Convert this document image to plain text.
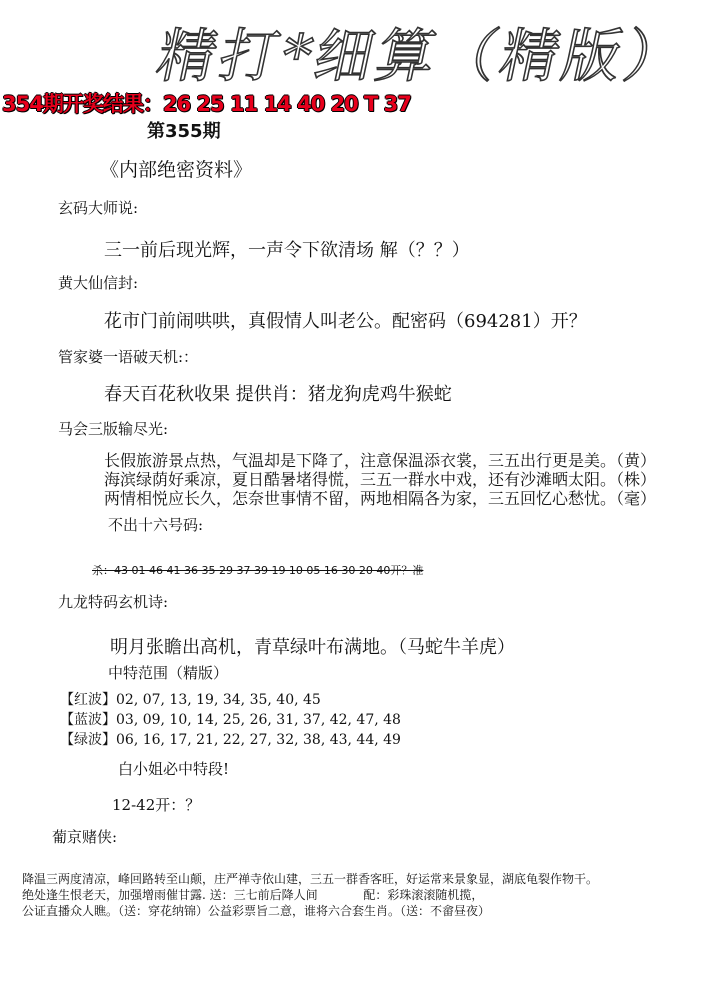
精打*细算（精版）
354期开奖结果：26 25 11 14 40 20 T 37
第355期
《内部绝密资料》
玄码大师说:
三一前后现光辉，一声令下欲清场 解（？？）
黄大仙信封:
花市门前闹哄哄，真假情人叫老公。配密码（694281）开？
管家婆一语破天机:：
春天百花秋收果 提供肖：猪龙狗虎鸡牛猴蛇
马会三版输尽光:
长假旅游景点热，气温却是下降了，注意保温添衣裳，三五出行更是美。（黄）
海滨绿荫好乘凉，夏日酷暑堵得慌，三五一群水中戏，还有沙滩晒太阳。（株）
两情相悦应长久，怎奈世事情不留，两地相隔各为家，三五回忆心愁忧。（毫）
不出十六号码:
杀：43 01 46 41 36 35 29 37 39 19 10 05 16 30 20 40开？准
九龙特码玄机诗:
明月张瞻出高机，青草绿叶布满地。（马蛇牛羊虎）
中特范围（精版）
【红波】02, 07, 13, 19, 34, 35, 40, 45
【蓝波】03, 09, 10, 14, 25, 26, 31, 37, 42, 47, 48
【绿波】06, 16, 17, 21, 22, 27, 32, 38, 43, 44, 49
白小姐必中特段!
12-42开：？
葡京赌侠:
降温三两度清凉，峰回路转至山颠，庄严禅寺依山建，三五一群香客旺，好运常来景象显，湖底龟裂作物干。
绝处逢生恨老天，加强增雨催甘露. 送：三七前后降人间            配：彩珠滚滚随机揽，
公证直播众人瞧。（送：穿花纳锦）公益彩票旨二意，谁将六合套生肖。（送：不畲昼夜）
